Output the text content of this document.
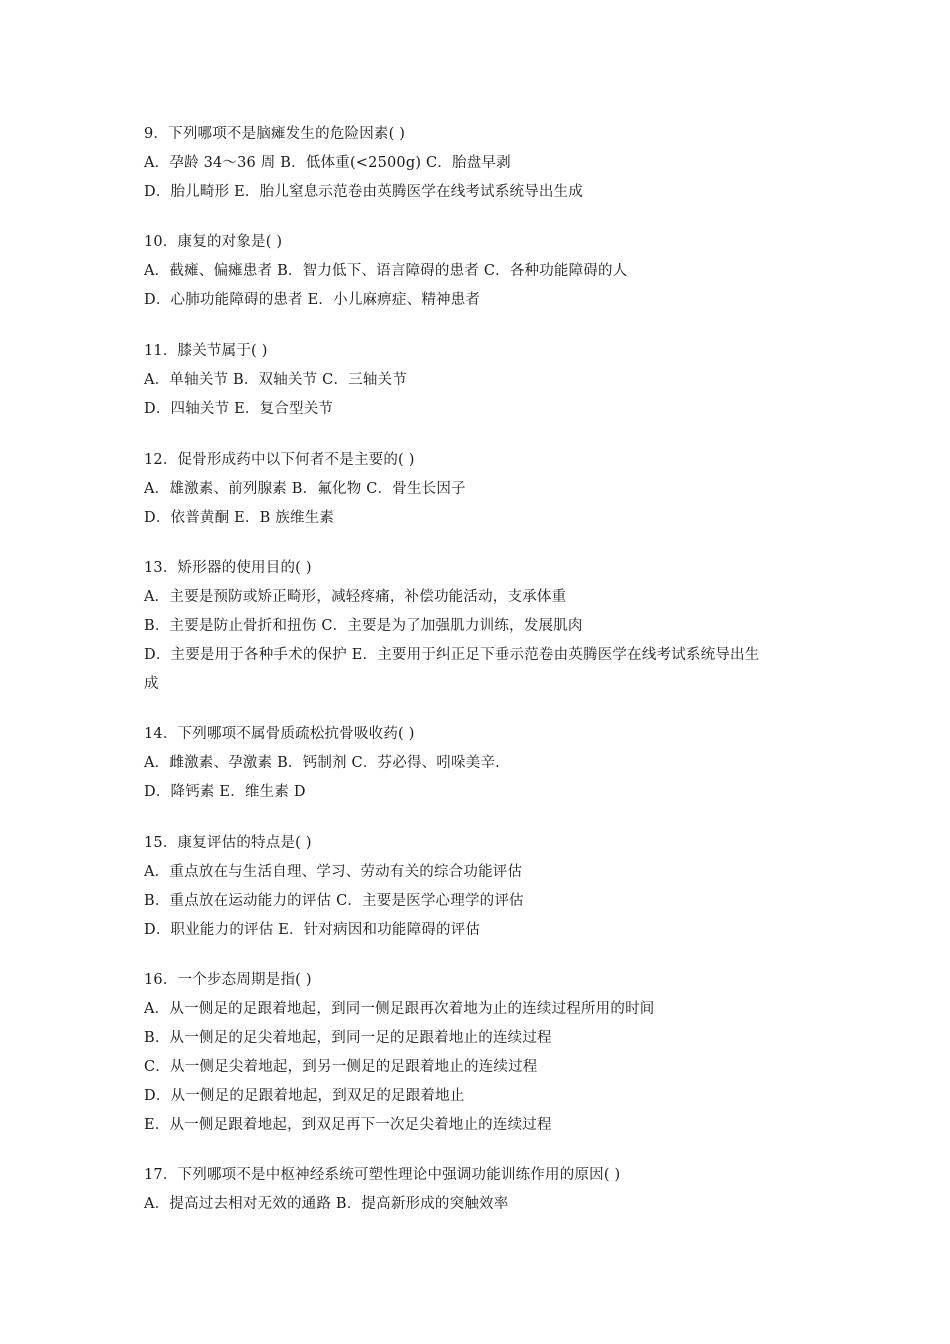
9．下列哪项不是脑瘫发生的危险因素( )
A．孕龄 34～36 周 B．低体重(<2500g) C．胎盘早剥
D．胎儿畸形 E．胎儿窒息示范卷由英腾医学在线考试系统导出生成
10．康复的对象是( )
A．截瘫、偏瘫患者 B．智力低下、语言障碍的患者 C．各种功能障碍的人
D．心肺功能障碍的患者 E．小儿麻痹症、精神患者
11．膝关节属于( )
A．单轴关节 B．双轴关节 C．三轴关节
D．四轴关节 E．复合型关节
12．促骨形成药中以下何者不是主要的( )
A．雄激素、前列腺素 B．氟化物 C．骨生长因子
D．依普黄酮 E．B 族维生素
13．矫形器的使用目的( )
A．主要是预防或矫正畸形，减轻疼痛，补偿功能活动，支承体重
B．主要是防止骨折和扭伤 C．主要是为了加强肌力训练，发展肌肉
D．主要是用于各种手术的保护 E．主要用于纠正足下垂示范卷由英腾医学在线考试系统导出生
成
14．下列哪项不属骨质疏松抗骨吸收药( )
A．雌激素、孕激素 B．钙制剂 C．芬必得、吲哚美辛.
D．降钙素 E．维生素 D
15．康复评估的特点是( )
A．重点放在与生活自理、学习、劳动有关的综合功能评估
B．重点放在运动能力的评估 C．主要是医学心理学的评估
D．职业能力的评估 E．针对病因和功能障碍的评估
16．一个步态周期是指( )
A．从一侧足的足跟着地起，到同一侧足跟再次着地为止的连续过程所用的时间
B．从一侧足的足尖着地起，到同一足的足跟着地止的连续过程
C．从一侧足尖着地起，到另一侧足的足跟着地止的连续过程
D．从一侧足的足跟着地起，到双足的足跟着地止
E．从一侧足跟着地起，到双足再下一次足尖着地止的连续过程
17．下列哪项不是中枢神经系统可塑性理论中强调功能训练作用的原因( )
A．提高过去相对无效的通路 B．提高新形成的突触效率
